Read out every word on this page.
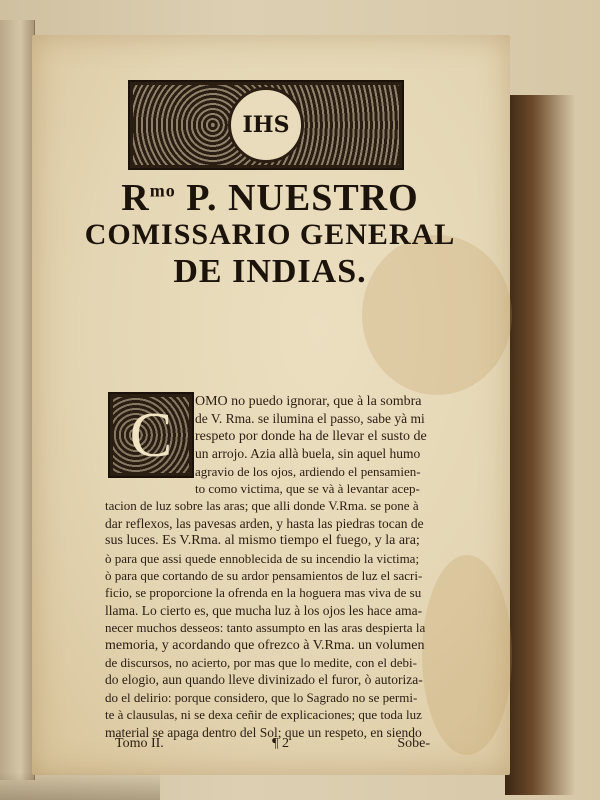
IHS
$R^{mo}$ P. NUESTRO
COMISSARIO GENERAL
DE INDIAS.
C	OMO no puedo ignorar, que à la sombra

de V. Rma. se ilumina el passo, sabe yà mi

respeto por donde ha de llevar el susto de

un arrojo. Azia allà buela, sin aquel humo

agravio de los ojos, ardiendo el pensamien-

to como victima, que se và à levantar acep-

tacion de luz sobre las aras; que alli donde V.Rma. se pone à

dar reflexos, las pavesas arden, y hasta las piedras tocan de

sus luces. Es V.Rma. al mismo tiempo el fuego, y la ara;

ò para que assi quede ennoblecida de su incendio la victima;

ò para que cortando de su ardor pensamientos de luz el sacri-

ficio, se proporcione la ofrenda en la hoguera mas viva de su

llama. Lo cierto es, que mucha luz à los ojos les hace ama-

necer muchos desseos: tanto assumpto en las aras despierta la

memoria, y acordando que ofrezco à V.Rma. un volumen

de discursos, no acierto, por mas que lo medite, con el debi-

do elogio, aun quando lleve divinizado el furor, ò autoriza-

do el delirio: porque considero, que lo Sagrado no se permi-

te à clausulas, ni se dexa ceñir de explicaciones; que toda luz

material se apaga dentro del Sol; que un respeto, en siendo

Tomo II.	¶ 2	Sobe-
